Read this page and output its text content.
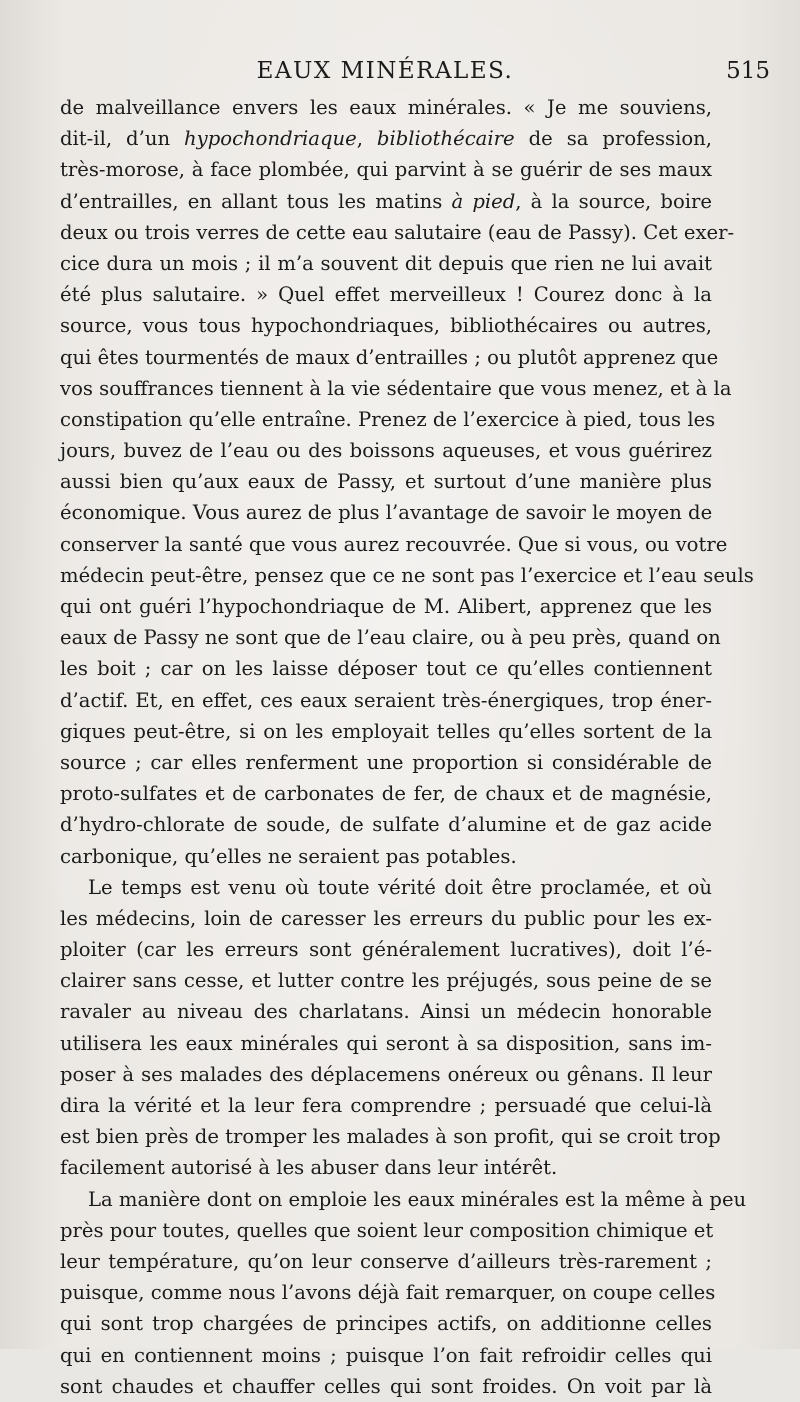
EAUX MINÉRALES.	515
de malveillance envers les eaux minérales. « Je me souviens,
dit-il, d’un hypochondriaque, bibliothécaire de sa profession,
très-morose, à face plombée, qui parvint à se guérir de ses maux
d’entrailles, en allant tous les matins à pied, à la source, boire
deux ou trois verres de cette eau salutaire (eau de Passy). Cet exer-
cice dura un mois ; il m’a souvent dit depuis que rien ne lui avait
été plus salutaire. » Quel effet merveilleux ! Courez donc à la
source, vous tous hypochondriaques, bibliothécaires ou autres,
qui êtes tourmentés de maux d’entrailles ; ou plutôt apprenez que
vos souffrances tiennent à la vie sédentaire que vous menez, et à la
constipation qu’elle entraîne. Prenez de l’exercice à pied, tous les
jours, buvez de l’eau ou des boissons aqueuses, et vous guérirez
aussi bien qu’aux eaux de Passy, et surtout d’une manière plus
économique. Vous aurez de plus l’avantage de savoir le moyen de
conserver la santé que vous aurez recouvrée. Que si vous, ou votre
médecin peut-être, pensez que ce ne sont pas l’exercice et l’eau seuls
qui ont guéri l’hypochondriaque de M. Alibert, apprenez que les
eaux de Passy ne sont que de l’eau claire, ou à peu près, quand on
les boit ; car on les laisse déposer tout ce qu’elles contiennent
d’actif. Et, en effet, ces eaux seraient très-énergiques, trop éner-
giques peut-être, si on les employait telles qu’elles sortent de la
source ; car elles renferment une proportion si considérable de
proto-sulfates et de carbonates de fer, de chaux et de magnésie,
d’hydro-chlorate de soude, de sulfate d’alumine et de gaz acide
carbonique, qu’elles ne seraient pas potables.
Le temps est venu où toute vérité doit être proclamée, et où
les médecins, loin de caresser les erreurs du public pour les ex-
ploiter (car les erreurs sont généralement lucratives), doit l’é-
clairer sans cesse, et lutter contre les préjugés, sous peine de se
ravaler au niveau des charlatans. Ainsi un médecin honorable
utilisera les eaux minérales qui seront à sa disposition, sans im-
poser à ses malades des déplacemens onéreux ou gênans. Il leur
dira la vérité et la leur fera comprendre ; persuadé que celui-là
est bien près de tromper les malades à son profit, qui se croit trop
facilement autorisé à les abuser dans leur intérêt.
La manière dont on emploie les eaux minérales est la même à peu
près pour toutes, quelles que soient leur composition chimique et
leur température, qu’on leur conserve d’ailleurs très-rarement ;
puisque, comme nous l’avons déjà fait remarquer, on coupe celles
qui sont trop chargées de principes actifs, on additionne celles
qui en contiennent moins ; puisque l’on fait refroidir celles qui
sont chaudes et chauffer celles qui sont froides. On voit par là
